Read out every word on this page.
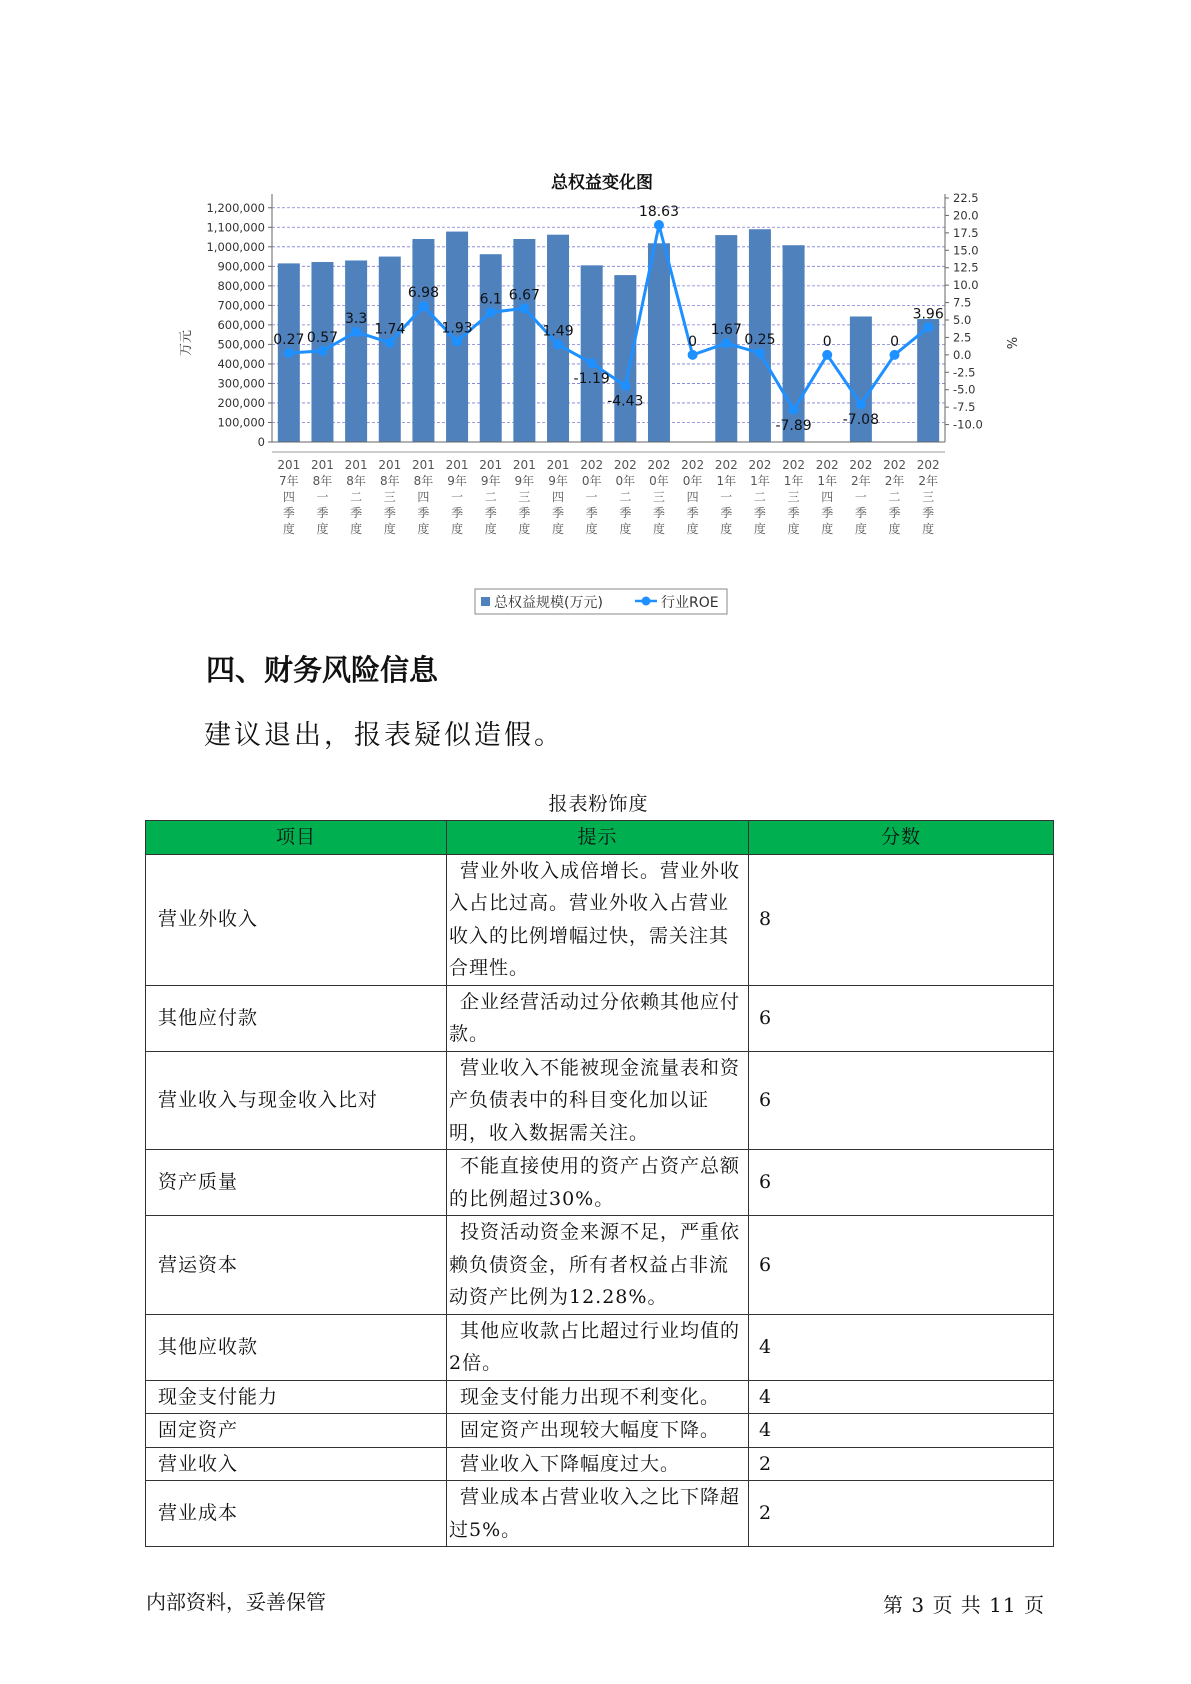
总权益变化图
0.27 0.57
3.3
1.74
6.98
1.93
6.1 6.67
1.49
-1.19
-4.43
18.63
0
1.67
0.25
-7.89
0
-7.08
0
3.96
0
100,000
200,000
300,000
400,000
500,000
600,000
700,000
800,000
900,000
1,000,000
1,100,000
1,200,000
22.5
20.0
17.5
15.0
12.5
10.0
7.5
5.0
2.5
0.0
-2.5
-5.0
-7.5
-10.0
万元	%
201 7年四季度
201 8年一季度
201 8年二季度
201 8年三季度
201 8年四季度
201 9年一季度
201 9年二季度
201 9年三季度
201 9年四季度
202 0年一季度
202 0年二季度
202 0年三季度
202 0年四季度
202 1年一季度
202 1年二季度
202 1年三季度
202 1年四季度
202 2年一季度
202 2年二季度
202 2年三季度
总权益规模(万元)	行业ROE
四、财务风险信息

建议退出，报表疑似造假。

报表粉饰度
项目	提示	分数
营业外收入	营业外收入成倍增长。营业外收入占比过高。营业外收入占营业收入的比例增幅过快，需关注其合理性。	8
其他应付款	企业经营活动过分依赖其他应付款。	6
营业收入与现金收入比对	营业收入不能被现金流量表和资产负债表中的科目变化加以证明，收入数据需关注。	6
资产质量	不能直接使用的资产占资产总额的比例超过30%。	6
营运资本	投资活动资金来源不足，严重依赖负债资金，所有者权益占非流动资产比例为12.28%。	6
其他应收款	其他应收款占比超过行业均值的2倍。	4
现金支付能力	现金支付能力出现不利变化。	4
固定资产	固定资产出现较大幅度下降。	4
营业收入	营业收入下降幅度过大。	2
营业成本	营业成本占营业收入之比下降超过5%。	2
内部资料，妥善保管	第 3 页 共 11 页
